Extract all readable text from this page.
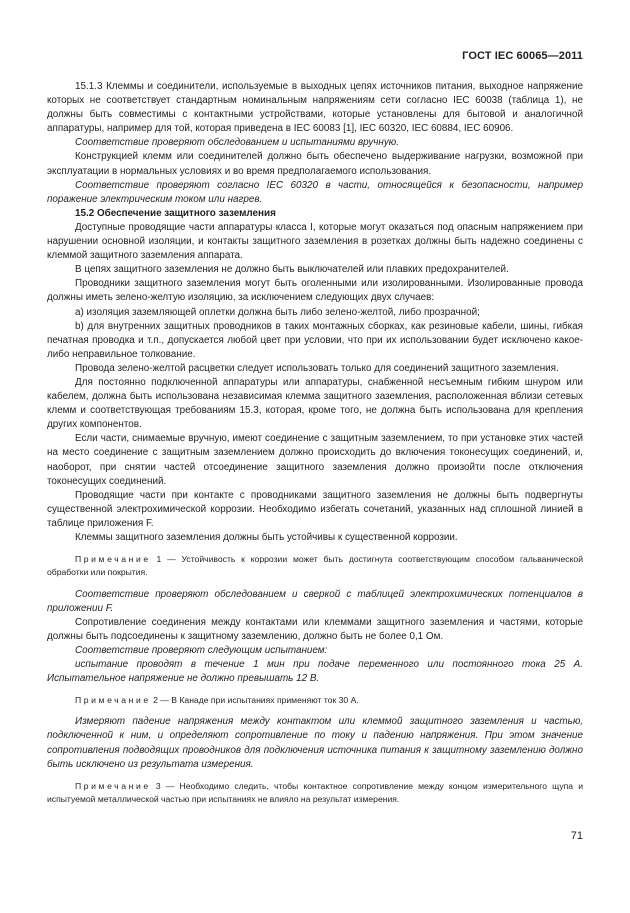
ГОСТ IEC 60065—2011

15.1.3 Клеммы и соединители, используемые в выходных цепях источников питания, выходное напряжение которых не соответствует стандартным номинальным напряжениям сети согласно IEC 60038 (таблица 1), не должны быть совместимы с контактными устройствами, которые установлены для бытовой и аналогичной аппаратуры, например для той, которая приведена в IEC 60083 [1], IEC 60320, IEC 60884, IEC 60906.

Соответствие проверяют обследованием и испытаниями вручную.

Конструкцией клемм или соединителей должно быть обеспечено выдерживание нагрузки, возможной при эксплуатации в нормальных условиях и во время предполагаемого использования.

Соответствие проверяют согласно IEC 60320 в части, относящейся к безопасности, например поражение электрическим током или нагрев.

15.2 Обеспечение защитного заземления

Доступные проводящие части аппаратуры класса I, которые могут оказаться под опасным напряжением при нарушении основной изоляции, и контакты защитного заземления в розетках должны быть надежно соединены с клеммой защитного заземления аппарата.

В цепях защитного заземления не должно быть выключателей или плавких предохранителей.

Проводники защитного заземления могут быть оголенными или изолированными. Изолированные провода должны иметь зелено-желтую изоляцию, за исключением следующих двух случаев:

а) изоляция заземляющей оплетки должна быть либо зелено-желтой, либо прозрачной;

b) для внутренних защитных проводников в таких монтажных сборках, как резиновые кабели, шины, гибкая печатная проводка и т.п., допускается любой цвет при условии, что при их использовании будет исключено какое-либо неправильное толкование.

Провода зелено-желтой расцветки следует использовать только для соединений защитного заземления.

Для постоянно подключенной аппаратуры или аппаратуры, снабженной несъемным гибким шнуром или кабелем, должна быть использована независимая клемма защитного заземления, расположенная вблизи сетевых клемм и соответствующая требованиям 15.3, которая, кроме того, не должна быть использована для крепления других компонентов.

Если части, снимаемые вручную, имеют соединение с защитным заземлением, то при установке этих частей на место соединение с защитным заземлением должно происходить до включения токонесущих соединений, и, наоборот, при снятии частей отсоединение защитного заземления должно произойти после отключения токонесущих соединений.

Проводящие части при контакте с проводниками защитного заземления не должны быть подвергнуты существенной электрохимической коррозии. Необходимо избегать сочетаний, указанных над сплошной линией в таблице приложения F.

Клеммы защитного заземления должны быть устойчивы к существенной коррозии.

Примечание 1 — Устойчивость к коррозии может быть достигнута соответствующим способом гальванической обработки или покрытия.

Соответствие проверяют обследованием и сверкой с таблицей электрохимических потенциалов в приложении F.

Сопротивление соединения между контактами или клеммами защитного заземления и частями, которые должны быть подсоединены к защитному заземлению, должно быть не более 0,1 Ом.

Соответствие проверяют следующим испытанием:

испытание проводят в течение 1 мин при подаче переменного или постоянного тока 25 А. Испытательное напряжение не должно превышать 12 В.

Примечание 2 — В Канаде при испытаниях применяют ток 30 А.

Измеряют падение напряжения между контактом или клеммой защитного заземления и частью, подключенной к ним, и определяют сопротивление по току и падению напряжения. При этом значение сопротивления подводящих проводников для подключения источника питания к защитному заземлению должно быть исключено из результата измерения.

Примечание 3 — Необходимо следить, чтобы контактное сопротивление между концом измерительного щупа и испытуемой металлической частью при испытаниях не влияло на результат измерения.

71
